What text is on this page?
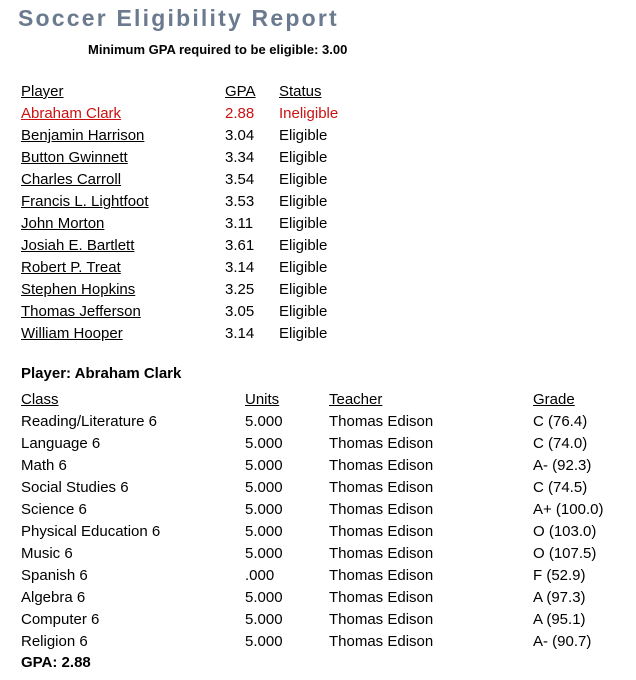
Soccer Eligibility Report
Minimum GPA required to be eligible: 3.00
Player	GPA Status
Abraham Clark	2.88 Ineligible
Benjamin Harrison	3.04 Eligible
Button Gwinnett	3.34 Eligible
Charles Carroll	3.54 Eligible
Francis L. Lightfoot	3.53 Eligible
John Morton	3.11 Eligible
Josiah E. Bartlett	3.61 Eligible
Robert P. Treat	3.14 Eligible
Stephen Hopkins	3.25 Eligible
Thomas Jefferson	3.05 Eligible
William Hooper	3.14 Eligible
Player: Abraham Clark
Class	Units	Teacher	Grade
Reading/Literature 6	5.000	Thomas Edison	C (76.4)
Language 6	5.000	Thomas Edison	C (74.0)
Math 6	5.000	Thomas Edison	A- (92.3)
Social Studies 6	5.000	Thomas Edison	C (74.5)
Science 6	5.000	Thomas Edison	A+ (100.0)
Physical Education 6	5.000	Thomas Edison	O (103.0)
Music 6	5.000	Thomas Edison	O (107.5)
Spanish 6	.000	Thomas Edison	F (52.9)
Algebra 6	5.000	Thomas Edison	A (97.3)
Computer 6	5.000	Thomas Edison	A (95.1)
Religion 6	5.000	Thomas Edison	A- (90.7)
GPA: 2.88
